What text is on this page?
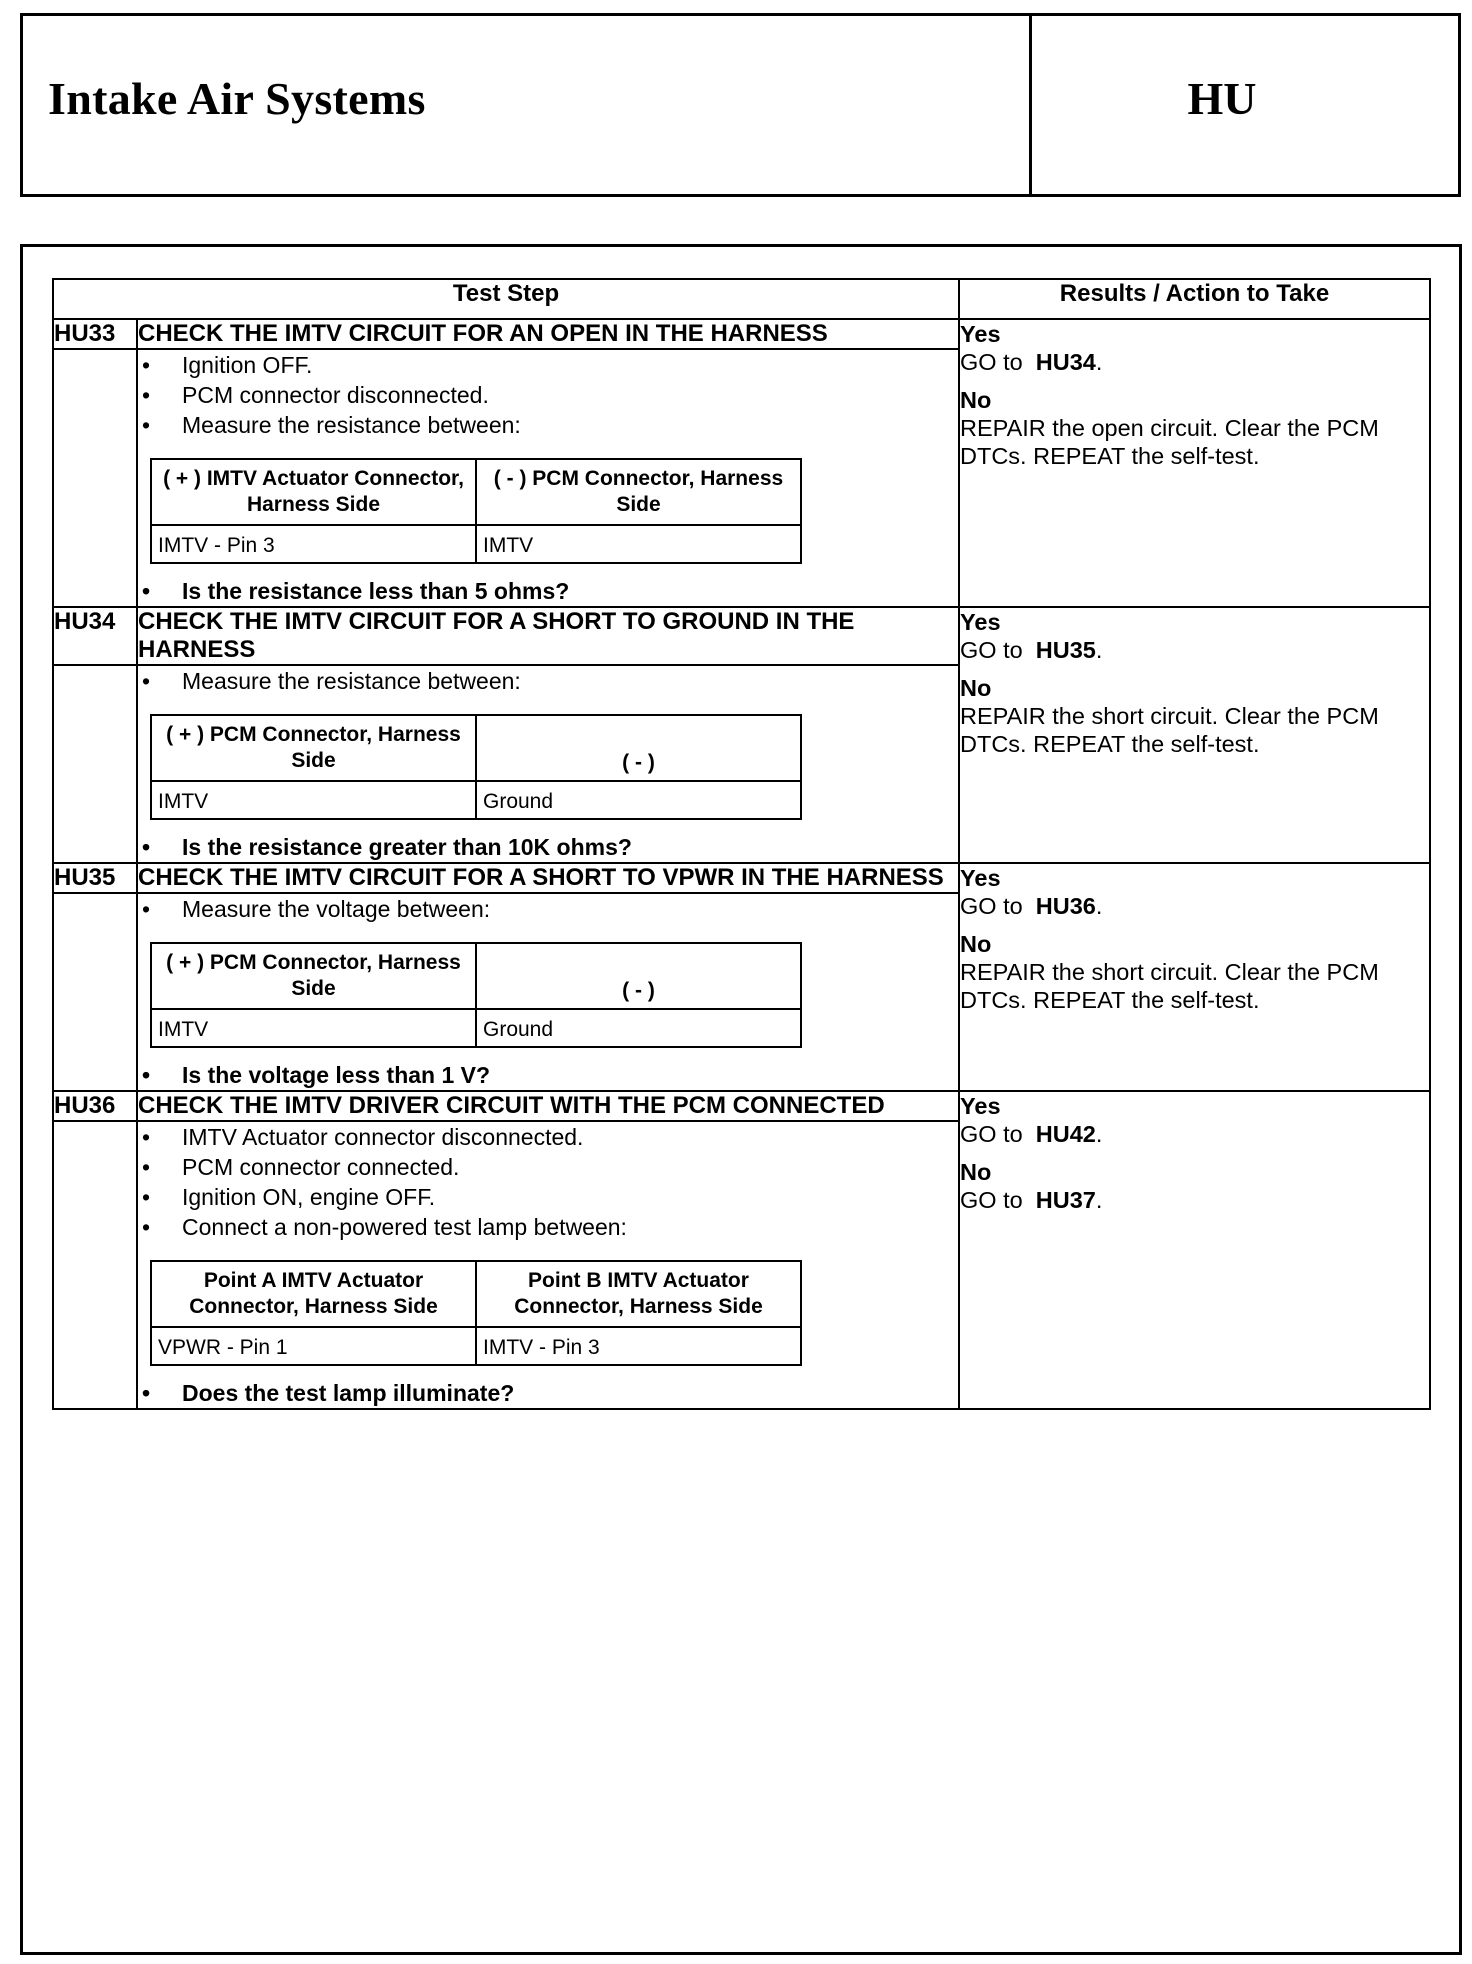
Intake Air Systems	HU
Test Step	Results / Action to Take
HU33	CHECK THE IMTV CIRCUIT FOR AN OPEN IN THE HARNESS	Yes
GO to HU34.
No
REPAIR the open circuit. Clear the PCM DTCs. REPEAT the self-test.

• Ignition OFF.
• PCM connector disconnected.
• Measure the resistance between:
( + ) IMTV Actuator Connector, Harness Side	( - ) PCM Connector, Harness Side
IMTV - Pin 3	IMTV
• Is the resistance less than 5 ohms?

HU34	CHECK THE IMTV CIRCUIT FOR A SHORT TO GROUND IN THE HARNESS	
Yes
GO to HU35.
No
REPAIR the short circuit. Clear the PCM DTCs. REPEAT the self-test.

• Measure the resistance between:
( + ) PCM Connector, Harness Side	( - )
IMTV	Ground
• Is the resistance greater than 10K ohms?

HU35	CHECK THE IMTV CIRCUIT FOR A SHORT TO VPWR IN THE HARNESS	Yes
GO to HU36.
No
REPAIR the short circuit. Clear the PCM DTCs. REPEAT the self-test.

• Measure the voltage between:
( + ) PCM Connector, Harness Side	( - )
IMTV	Ground
• Is the voltage less than 1 V?

HU36	CHECK THE IMTV DRIVER CIRCUIT WITH THE PCM CONNECTED	Yes
GO to HU42.
No
GO to HU37.

• IMTV Actuator connector disconnected.
• PCM connector connected.
• Ignition ON, engine OFF.
• Connect a non-powered test lamp between:
Point A IMTV Actuator Connector, Harness Side	Point B IMTV Actuator Connector, Harness Side
VPWR - Pin 1	IMTV - Pin 3
• Does the test lamp illuminate?
